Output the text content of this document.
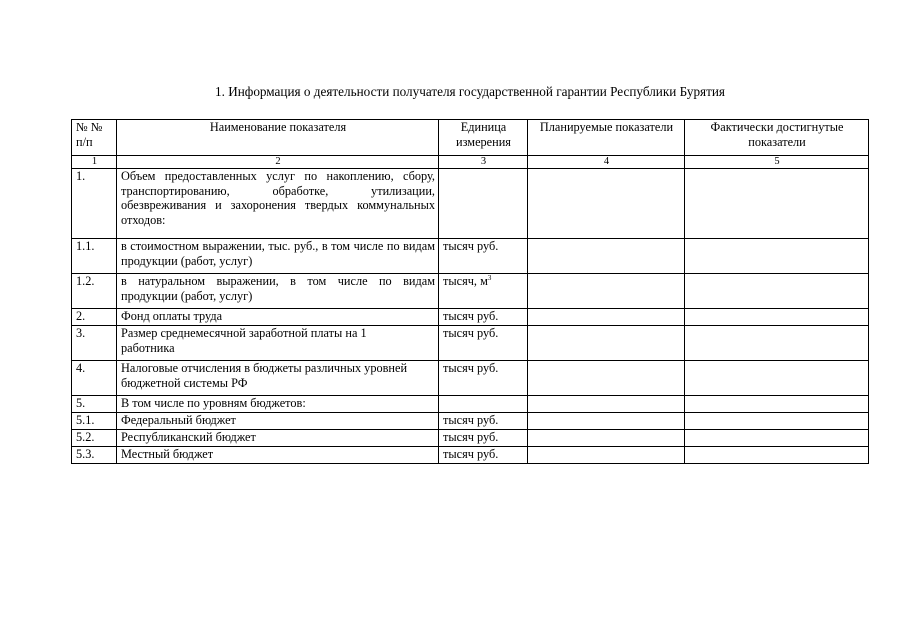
1. Информация о деятельности получателя государственной гарантии Республики Бурятия
№ № п/п	Наименование показателя	Единица измерения	Планируемые показатели	Фактически достигнутые показатели
1	2	3	4	5
1.	Объем предоставленных услуг по накоплению, сбору, транспортированию, обработке, утилизации, обезвреживания и захоронения твердых коммунальных отходов:			
1.1.	в стоимостном выражении, тыс. руб., в том числе по видам продукции (работ, услуг)	тысяч руб.		
1.2.	в натуральном выражении, в том числе по видам продукции (работ, услуг)	тысяч, $м^3$		
2.	Фонд оплаты труда	тысяч руб.		
3.	Размер среднемесячной заработной платы на 1 работника	тысяч руб.		
4.	Налоговые отчисления в бюджеты различных уровней бюджетной системы РФ	тысяч руб.		
5.	В том числе по уровням бюджетов:			
5.1.	Федеральный бюджет	тысяч руб.		
5.2.	Республиканский бюджет	тысяч руб.		
5.3.	Местный бюджет	тысяч руб.		
